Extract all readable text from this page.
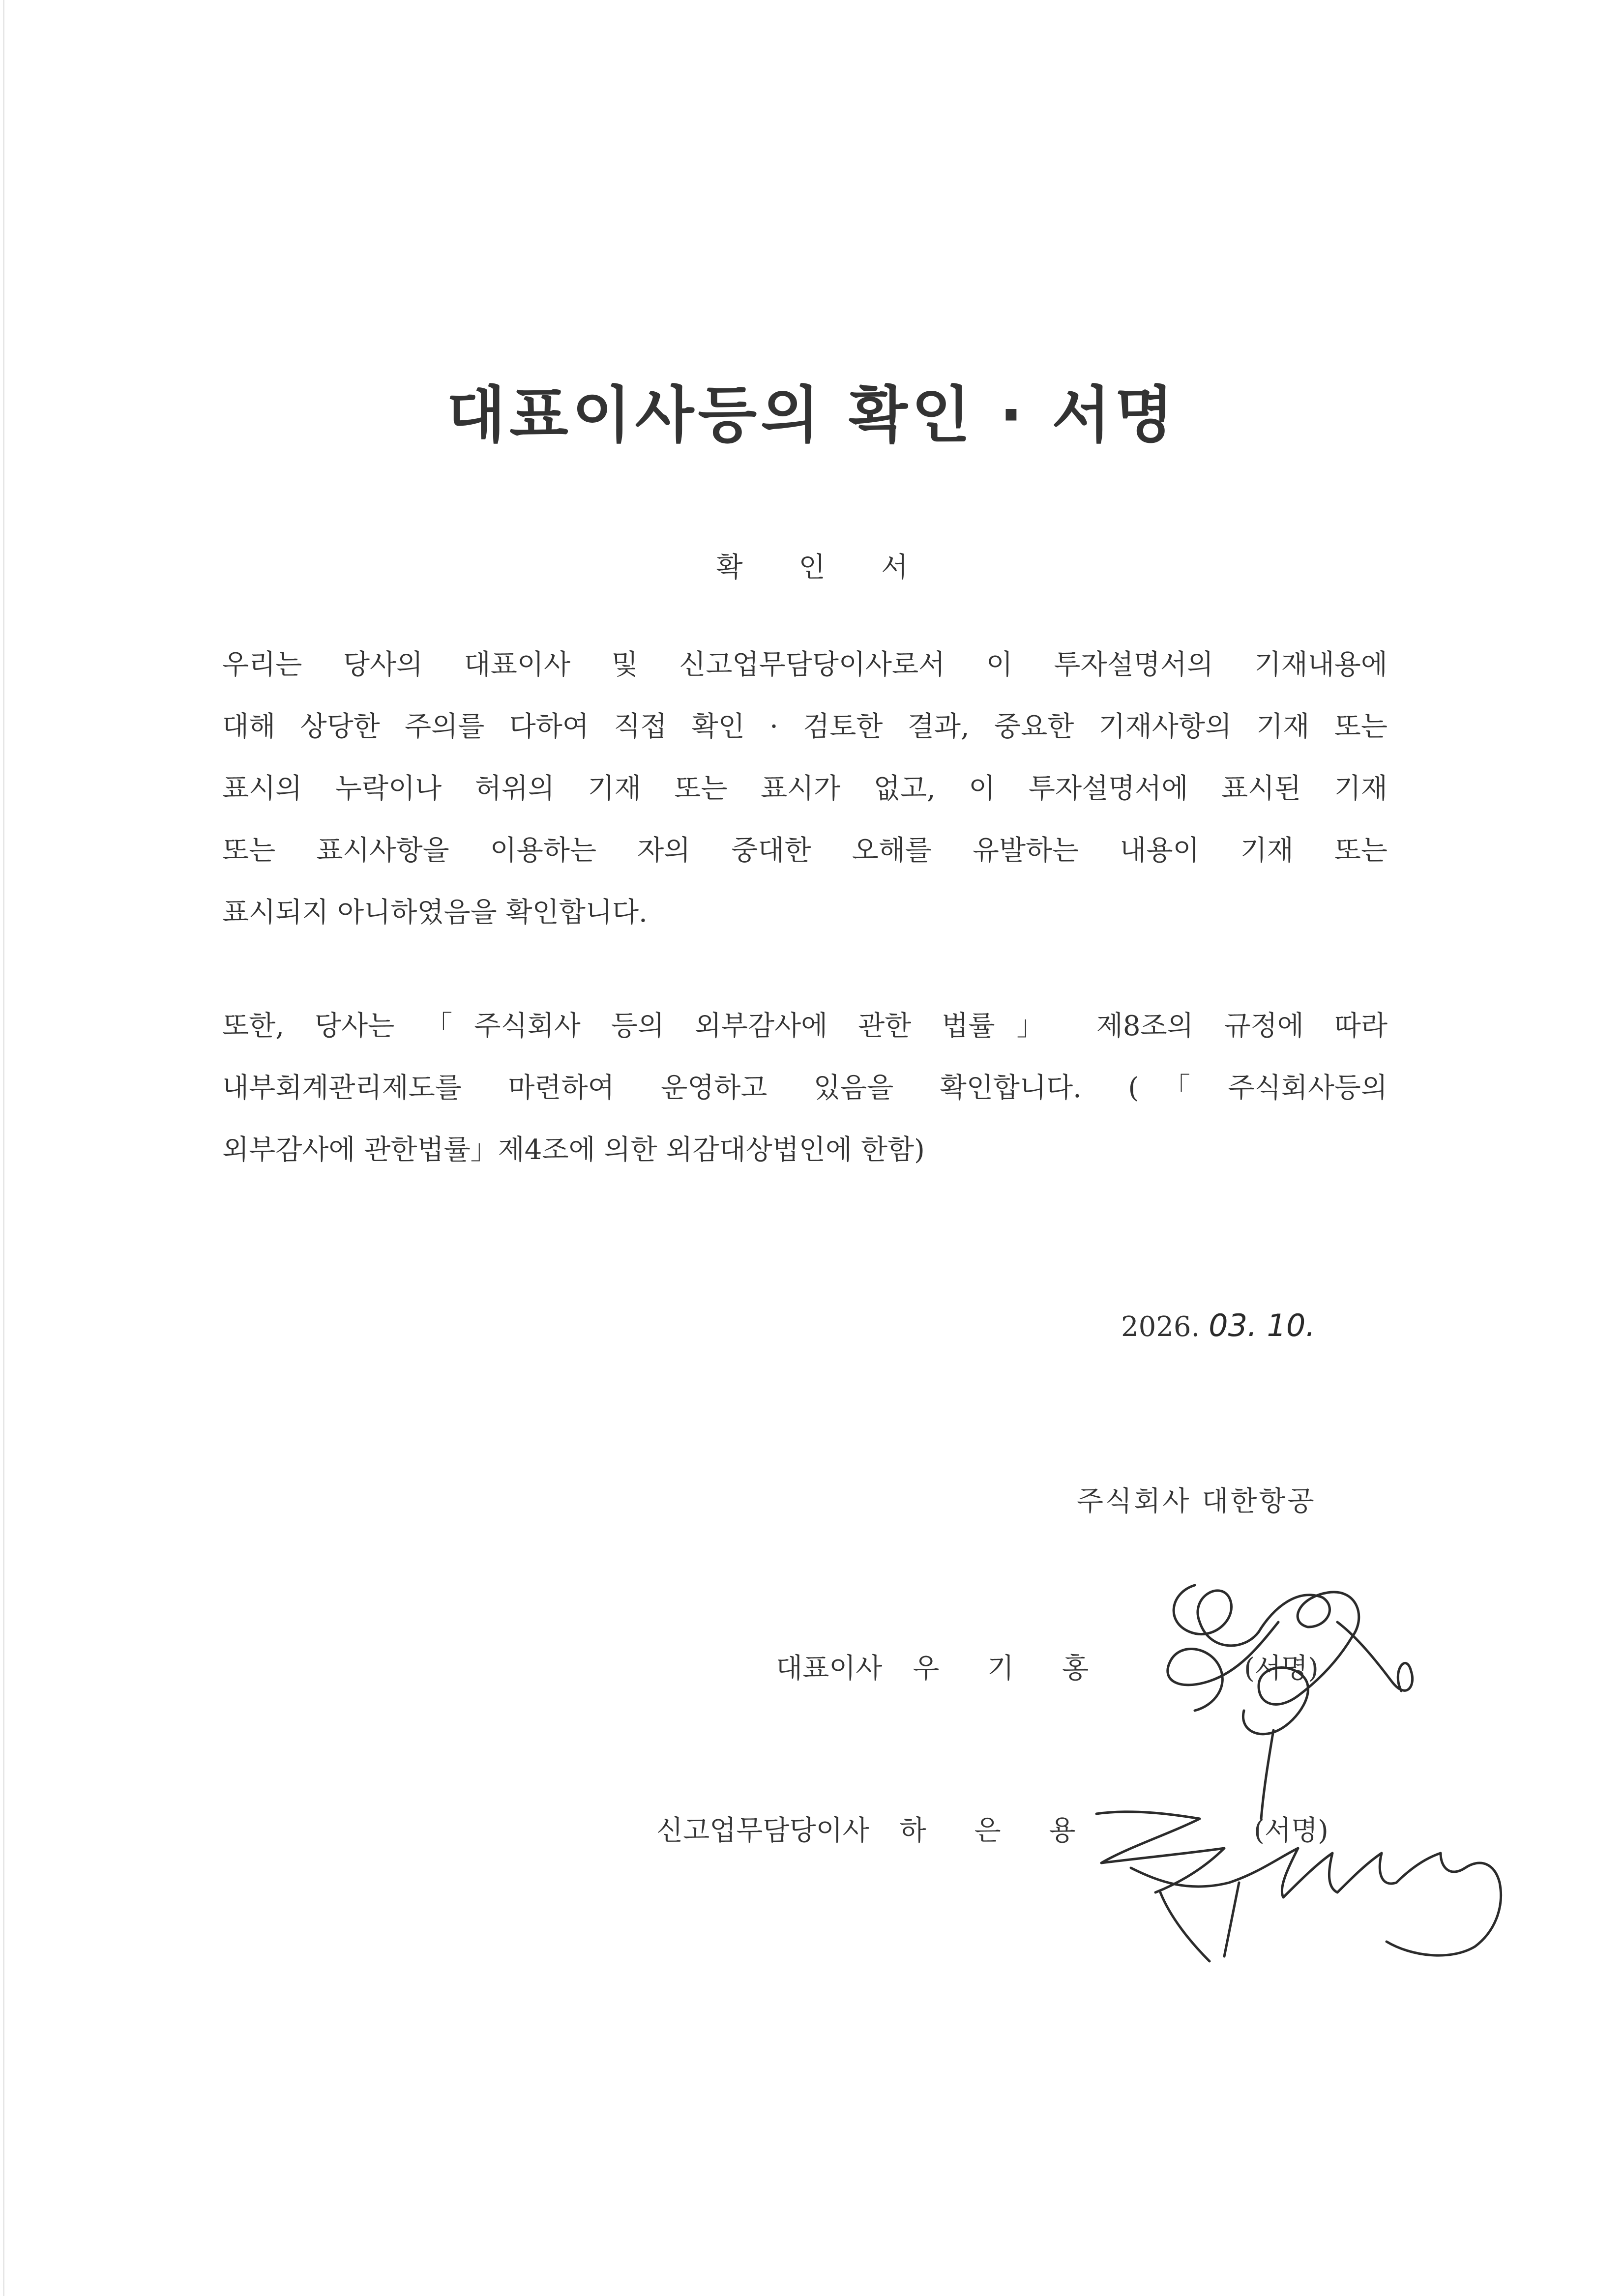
대표이사등의 확인 · 서명
확 인 서
우리는 당사의 대표이사 및 신고업무담당이사로서 이 투자설명서의 기재내용에
대해 상당한 주의를 다하여 직접 확인 · 검토한 결과, 중요한 기재사항의 기재 또는
표시의 누락이나 허위의 기재 또는 표시가 없고, 이 투자설명서에 표시된 기재
또는 표시사항을 이용하는 자의 중대한 오해를 유발하는 내용이 기재 또는
표시되지 아니하였음을 확인합니다.
또한, 당사는 「주식회사 등의 외부감사에 관한 법률」 제8조의 규정에 따라
내부회계관리제도를 마련하여 운영하고 있음을 확인합니다. (「주식회사등의
외부감사에 관한법률」제4조에 의한 외감대상법인에 한함)
2026. 03. 10.
주식회사 대한항공
대표이사 우 기 홍	(서명)
신고업무담당이사 하 은 용	(서명)
